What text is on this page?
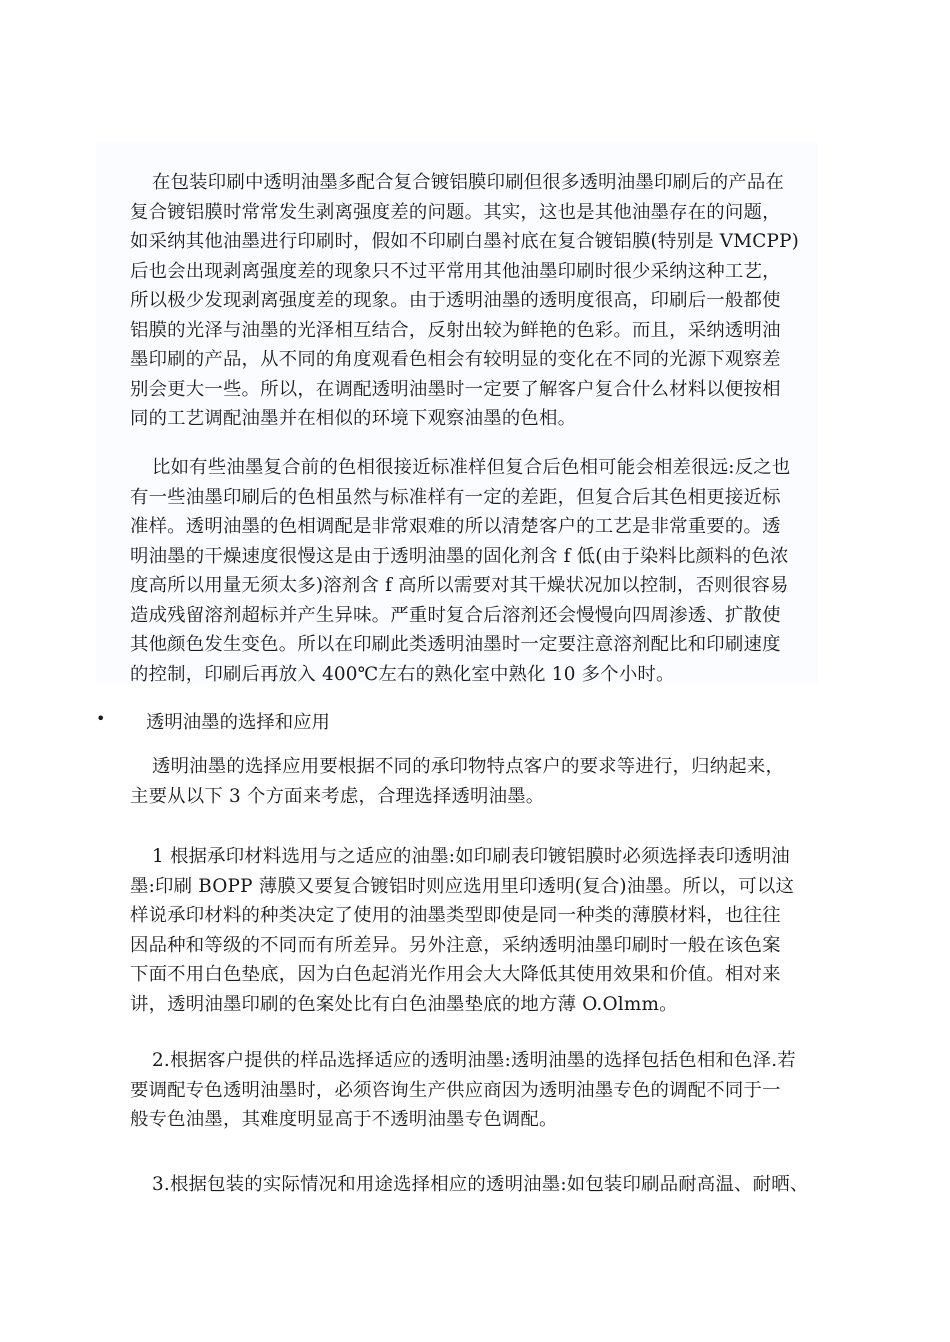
在包装印刷中透明油墨多配合复合镀铝膜印刷但很多透明油墨印刷后的产品在
复合镀铝膜时常常发生剥离强度差的问题。其实，这也是其他油墨存在的问题，
如采纳其他油墨进行印刷时，假如不印刷白墨衬底在复合镀铝膜(特别是 VMCPP)
后也会出现剥离强度差的现象只不过平常用其他油墨印刷时很少采纳这种工艺，
所以极少发现剥离强度差的现象。由于透明油墨的透明度很高，印刷后一般都使
铝膜的光泽与油墨的光泽相互结合，反射出较为鲜艳的色彩。而且，采纳透明油
墨印刷的产品，从不同的角度观看色相会有较明显的变化在不同的光源下观察差
别会更大一些。所以，在调配透明油墨时一定要了解客户复合什么材料以便按相
同的工艺调配油墨并在相似的环境下观察油墨的色相。

比如有些油墨复合前的色相很接近标准样但复合后色相可能会相差很远:反之也
有一些油墨印刷后的色相虽然与标准样有一定的差距，但复合后其色相更接近标
准样。透明油墨的色相调配是非常艰难的所以清楚客户的工艺是非常重要的。透
明油墨的干燥速度很慢这是由于透明油墨的固化剂含 f 低(由于染料比颜料的色浓
度高所以用量无须太多)溶剂含 f 高所以需要对其干燥状况加以控制，否则很容易
造成残留溶剂超标并产生异味。严重时复合后溶剂还会慢慢向四周渗透、扩散使
其他颜色发生变色。所以在印刷此类透明油墨时一定要注意溶剂配比和印刷速度
的控制，印刷后再放入 400℃左右的熟化室中熟化 10 多个小时。

• 透明油墨的选择和应用

透明油墨的选择应用要根据不同的承印物特点客户的要求等进行，归纳起来，
主要从以下 3 个方面来考虑，合理选择透明油墨。

1 根据承印材料选用与之适应的油墨:如印刷表印镀铝膜时必须选择表印透明油
墨:印刷 BOPP 薄膜又要复合镀铝时则应选用里印透明(复合)油墨。所以，可以这
样说承印材料的种类决定了使用的油墨类型即使是同一种类的薄膜材料，也往往
因品种和等级的不同而有所差异。另外注意，采纳透明油墨印刷时一般在该色案
下面不用白色垫底，因为白色起消光作用会大大降低其使用效果和价值。相对来
讲，透明油墨印刷的色案处比有白色油墨垫底的地方薄 O.Olmm。

2.根据客户提供的样品选择适应的透明油墨:透明油墨的选择包括色相和色泽.若
要调配专色透明油墨时，必须咨询生产供应商因为透明油墨专色的调配不同于一
般专色油墨，其难度明显高于不透明油墨专色调配。

3.根据包装的实际情况和用途选择相应的透明油墨:如包装印刷品耐高温、耐晒、
